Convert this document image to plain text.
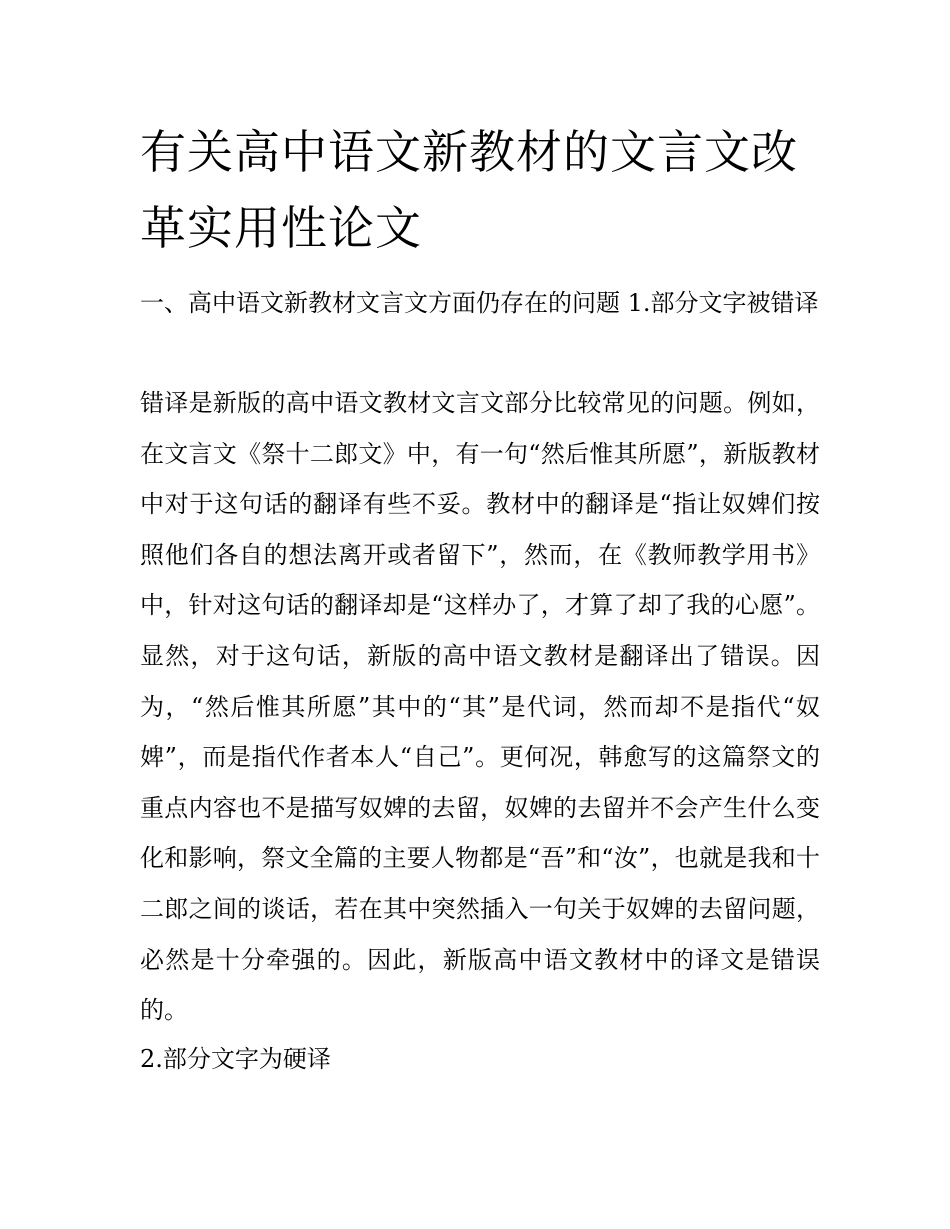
有关高中语文新教材的文言文改革实用性论文
一、高中语文新教材文言文方面仍存在的问题 1.部分文字被错译

错译是新版的高中语文教材文言文部分比较常见的问题。例如，在文言文《祭十二郎文》中，有一句“然后惟其所愿”，新版教材中对于这句话的翻译有些不妥。教材中的翻译是“指让奴婢们按照他们各自的想法离开或者留下”，然而，在《教师教学用书》中，针对这句话的翻译却是“这样办了，才算了却了我的心愿”。显然，对于这句话，新版的高中语文教材是翻译出了错误。因为，“然后惟其所愿”其中的“其”是代词，然而却不是指代“奴婢”，而是指代作者本人“自己”。更何况，韩愈写的这篇祭文的重点内容也不是描写奴婢的去留，奴婢的去留并不会产生什么变化和影响，祭文全篇的主要人物都是“吾”和“汝”，也就是我和十二郎之间的谈话，若在其中突然插入一句关于奴婢的去留问题，必然是十分牵强的。因此，新版高中语文教材中的译文是错误的。

2.部分文字为硬译
